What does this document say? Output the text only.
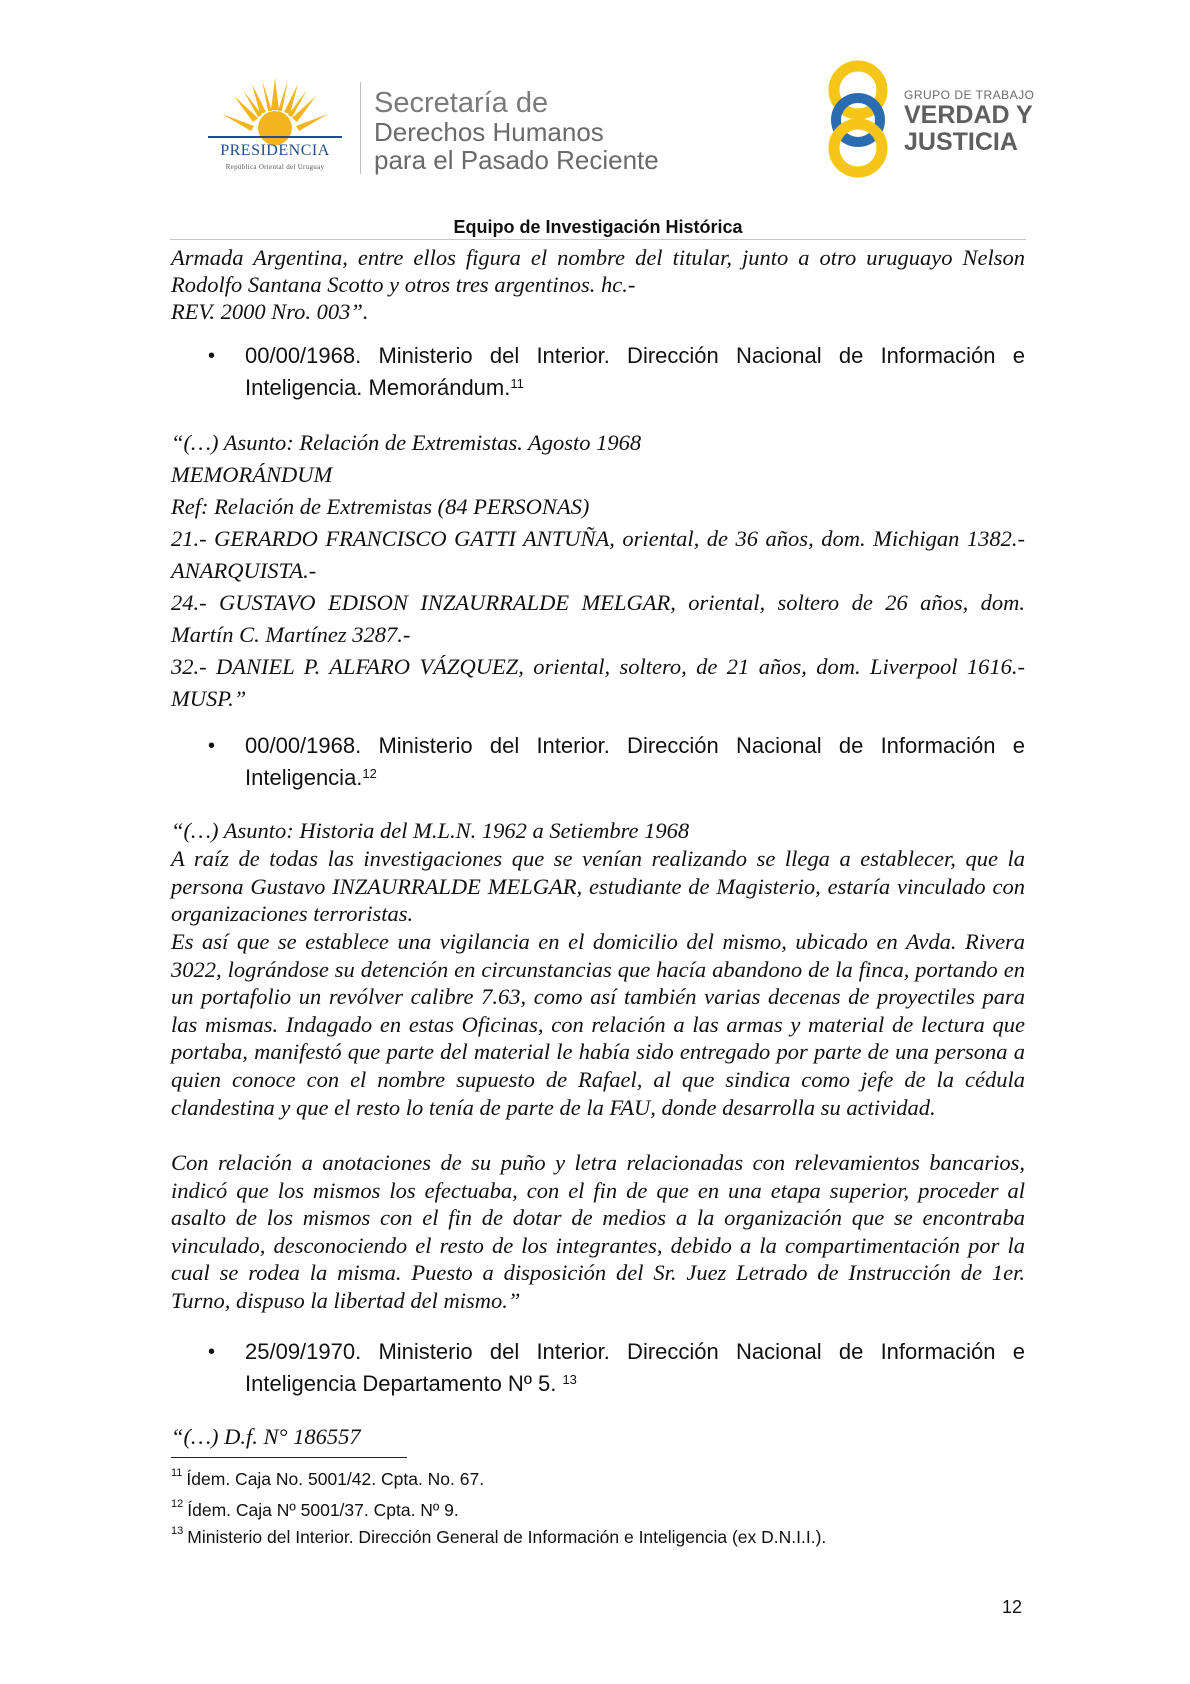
PRESIDENCIA
República Oriental del Uruguay
Secretaría de
Derechos Humanos
para el Pasado Reciente
GRUPO DE TRABAJO
VERDAD Y
JUSTICIA
Equipo de Investigación Histórica
Armada Argentina, entre ellos figura el nombre del titular, junto a otro uruguayo Nelson Rodolfo Santana Scotto y otros tres argentinos. hc.-
REV. 2000 Nro. 003”.
• 00/00/1968. Ministerio del Interior. Dirección Nacional de Información e Inteligencia. Memorándum.$^{11}$
“(…) Asunto: Relación de Extremistas. Agosto 1968
MEMORÁNDUM
Ref: Relación de Extremistas (84 PERSONAS)
21.- GERARDO FRANCISCO GATTI ANTUÑA, oriental, de 36 años, dom. Michigan 1382.- ANARQUISTA.-
24.- GUSTAVO EDISON INZAURRALDE MELGAR, oriental, soltero de 26 años, dom. Martín C. Martínez 3287.-
32.- DANIEL P. ALFARO VÁZQUEZ, oriental, soltero, de 21 años, dom. Liverpool 1616.- MUSP.”
• 00/00/1968. Ministerio del Interior. Dirección Nacional de Información e Inteligencia.$^{12}$
“(…) Asunto: Historia del M.L.N. 1962 a Setiembre 1968
A raíz de todas las investigaciones que se venían realizando se llega a establecer, que la persona Gustavo INZAURRALDE MELGAR, estudiante de Magisterio, estaría vinculado con organizaciones terroristas.
Es así que se establece una vigilancia en el domicilio del mismo, ubicado en Avda. Rivera 3022, lográndose su detención en circunstancias que hacía abandono de la finca, portando en un portafolio un revólver calibre 7.63, como así también varias decenas de proyectiles para las mismas. Indagado en estas Oficinas, con relación a las armas y material de lectura que portaba, manifestó que parte del material le había sido entregado por parte de una persona a quien conoce con el nombre supuesto de Rafael, al que sindica como jefe de la cédula clandestina y que el resto lo tenía de parte de la FAU, donde desarrolla su actividad.
Con relación a anotaciones de su puño y letra relacionadas con relevamientos bancarios, indicó que los mismos los efectuaba, con el fin de que en una etapa superior, proceder al asalto de los mismos con el fin de dotar de medios a la organización que se encontraba vinculado, desconociendo el resto de los integrantes, debido a la compartimentación por la cual se rodea la misma. Puesto a disposición del Sr. Juez Letrado de Instrucción de 1er. Turno, dispuso la libertad del mismo.”
• 25/09/1970. Ministerio del Interior. Dirección Nacional de Información e Inteligencia Departamento Nº 5. $^{13}$
“(…) D.f. N° 186557
$^{11}$ Ídem. Caja No. 5001/42. Cpta. No. 67.
$^{12}$ Ídem. Caja Nº 5001/37. Cpta. Nº 9.
$^{13}$ Ministerio del Interior. Dirección General de Información e Inteligencia (ex D.N.I.I.).
12
